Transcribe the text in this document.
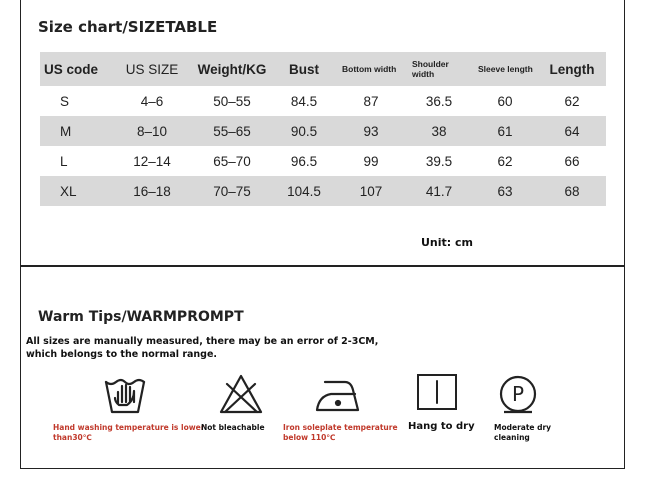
Size chart/SIZETABLE
US code	US SIZE	Weight/KG	Bust	Bottom width	Shoulder width	Sleeve length	Length
S	4–6	50–55	84.5	87	36.5	60	62
M	8–10	55–65	90.5	93	38	61	64
L	12–14	65–70	96.5	99	39.5	62	66
XL	16–18	70–75	104.5	107	41.7	63	68
Unit: cm
Warm Tips/WARMPROMPT
All sizes are manually measured, there may be an error of 2-3CM,
which belongs to the normal range.
Hand washing temperature is lower
than30℃
Not bleachable Iron soleplate temperature
below 110℃
Hang to dry
P
Moderate dry
cleaning
